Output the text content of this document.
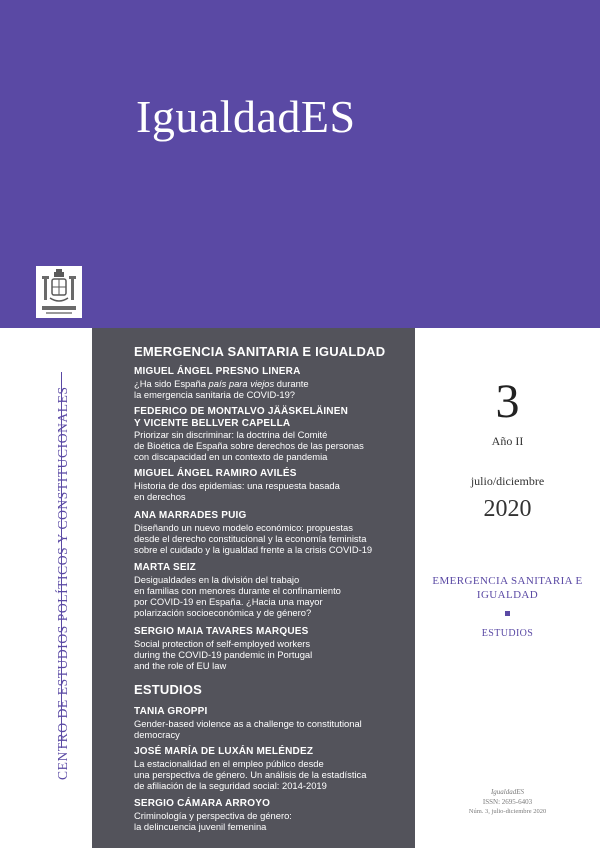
IgualdadES
CENTRO DE ESTUDIOS POLÍTICOS Y CONSTITUCIONALES
EMERGENCIA SANITARIA E IGUALDAD
MIGUEL ÁNGEL PRESNO LINERA
¿Ha sido España país para viejos durante
la emergencia sanitaria de COVID-19?
FEDERICO DE MONTALVO JÄÄSKELÄINEN
Y VICENTE BELLVER CAPELLA
Priorizar sin discriminar: la doctrina del Comité
de Bioética de España sobre derechos de las personas
con discapacidad en un contexto de pandemia
MIGUEL ÁNGEL RAMIRO AVILÉS
Historia de dos epidemias: una respuesta basada
en derechos
ANA MARRADES PUIG
Diseñando un nuevo modelo económico: propuestas
desde el derecho constitucional y la economía feminista
sobre el cuidado y la igualdad frente a la crisis COVID-19
MARTA SEIZ
Desigualdades en la división del trabajo
en familias con menores durante el confinamiento
por COVID-19 en España. ¿Hacia una mayor
polarización socioeconómica y de género?
SERGIO MAIA TAVARES MARQUES
Social protection of self-employed workers
during the COVID-19 pandemic in Portugal
and the role of EU law
ESTUDIOS
TANIA GROPPI
Gender-based violence as a challenge to constitutional
democracy
JOSÉ MARÍA DE LUXÁN MELÉNDEZ
La estacionalidad en el empleo público desde
una perspectiva de género. Un análisis de la estadística
de afiliación de la seguridad social: 2014-2019
SERGIO CÁMARA ARROYO
Criminología y perspectiva de género:
la delincuencia juvenil femenina
3
Año II
julio/diciembre
2020
EMERGENCIA SANITARIA E IGUALDAD
ESTUDIOS
IgualdadES
ISSN: 2695-6403
Núm. 3, julio-diciembre 2020
